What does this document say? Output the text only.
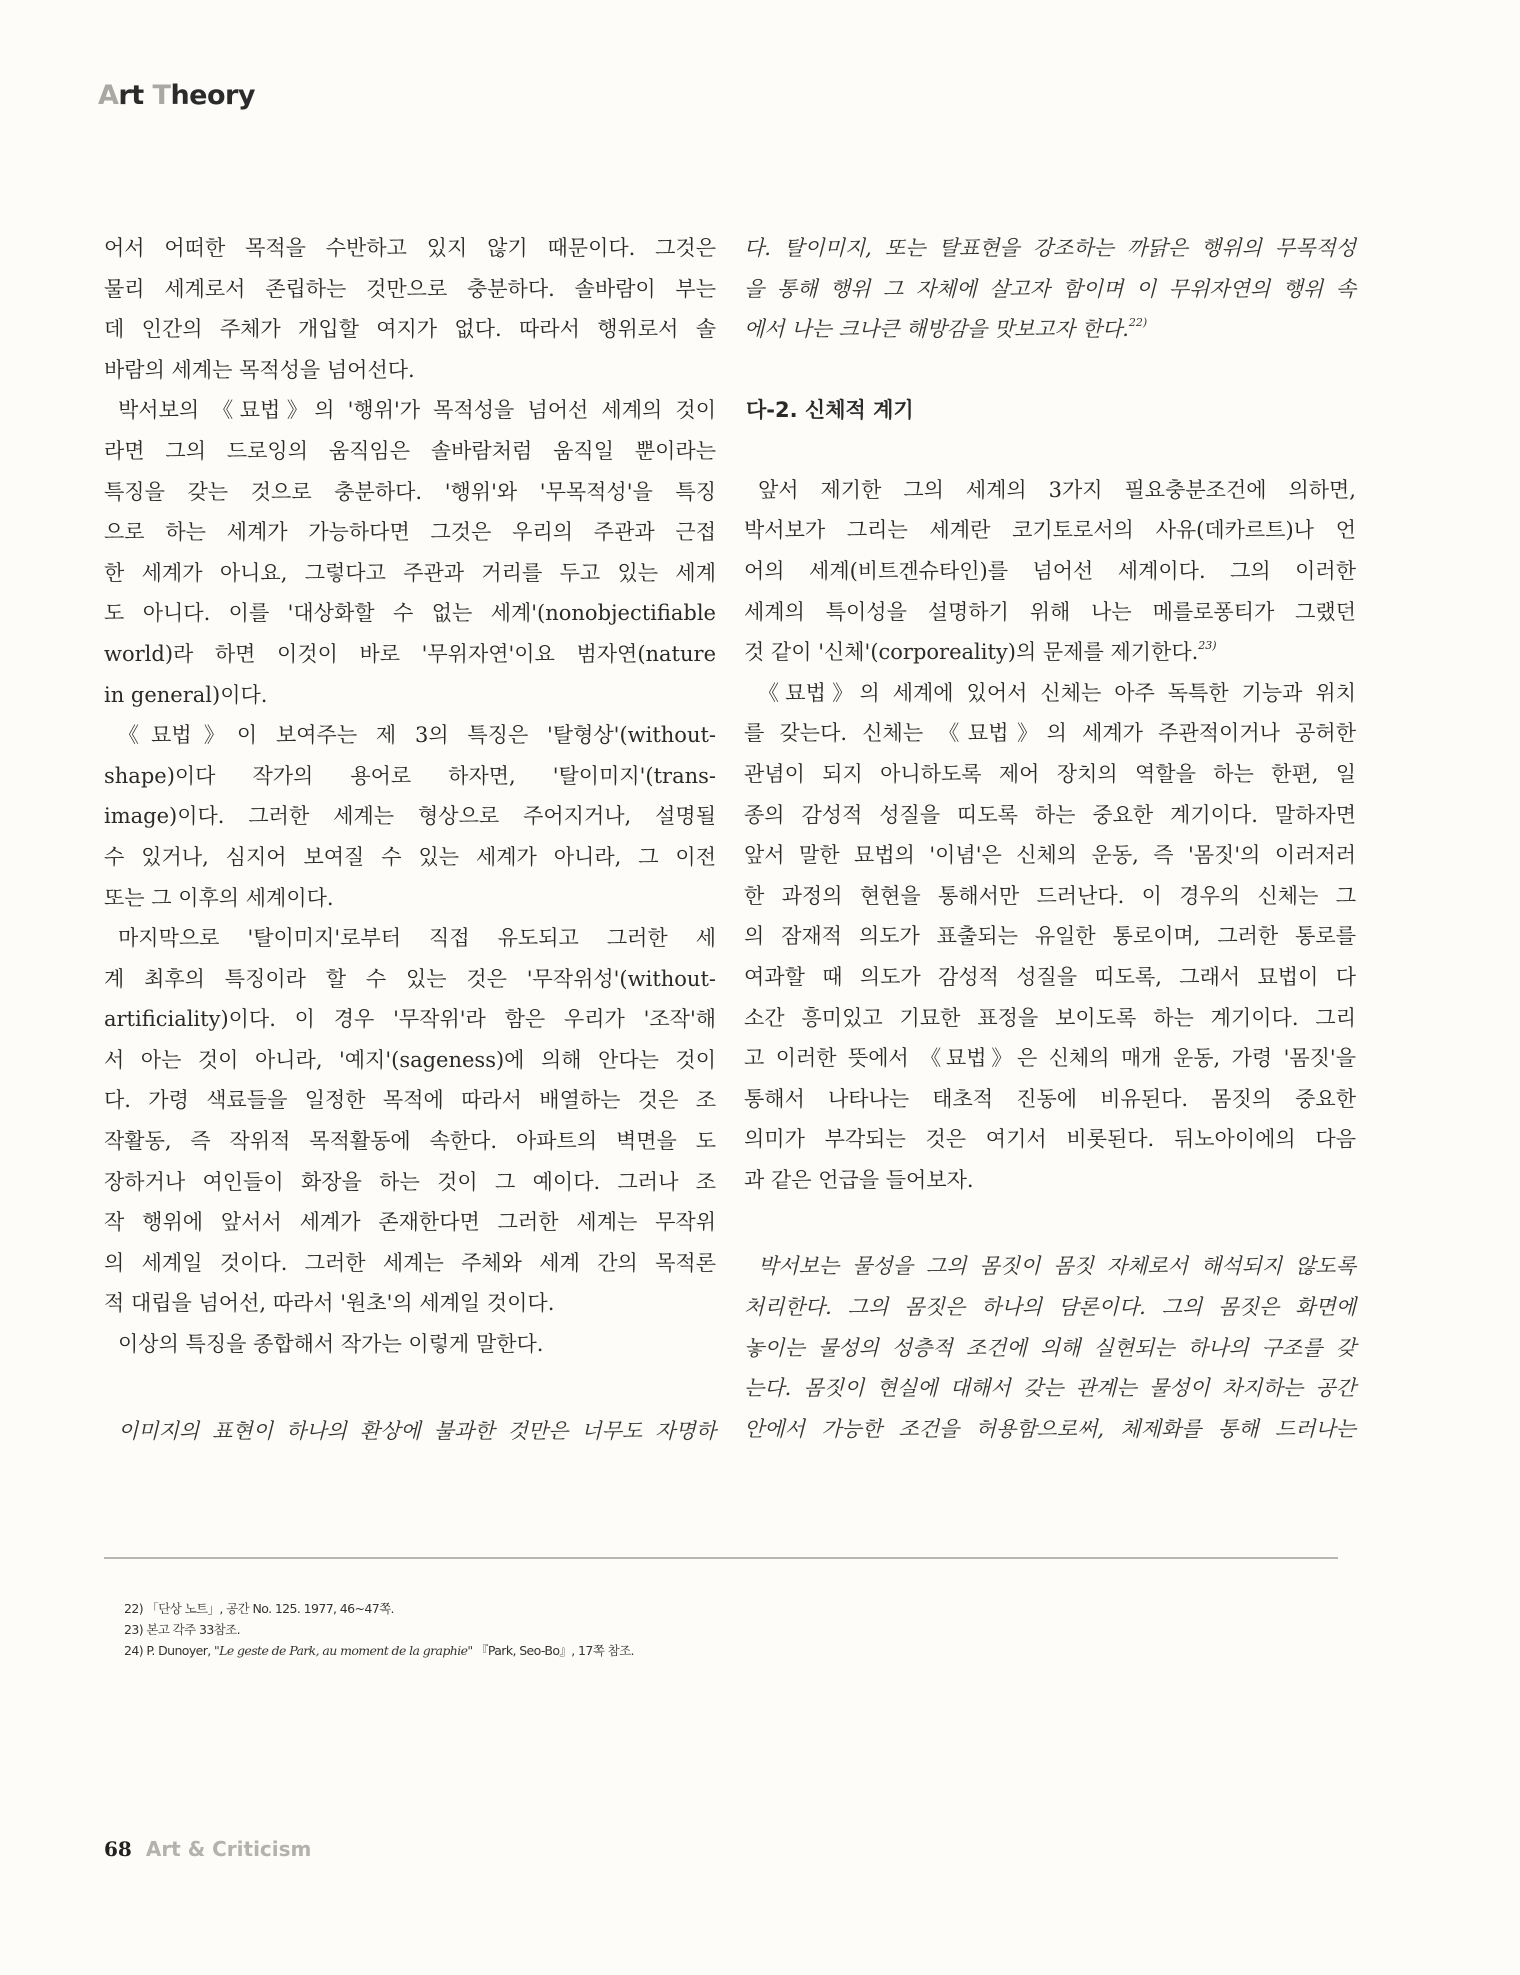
Art Theory
어서 어떠한 목적을 수반하고 있지 않기 때문이다. 그것은
물리 세계로서 존립하는 것만으로 충분하다. 솔바람이 부는
데 인간의 주체가 개입할 여지가 없다. 따라서 행위로서 솔
바람의 세계는 목적성을 넘어선다.
박서보의 《묘법》의 '행위'가 목적성을 넘어선 세계의 것이
라면 그의 드로잉의 움직임은 솔바람처럼 움직일 뿐이라는
특징을 갖는 것으로 충분하다. '행위'와 '무목적성'을 특징
으로 하는 세계가 가능하다면 그것은 우리의 주관과 근접
한 세계가 아니요, 그렇다고 주관과 거리를 두고 있는 세계
도 아니다. 이를 '대상화할 수 없는 세계'(nonobjectifiable
world)라 하면 이것이 바로 '무위자연'이요 범자연(nature
in general)이다.
《묘법》이 보여주는 제 3의 특징은 '탈형상'(without-
shape)이다 작가의 용어로 하자면, '탈이미지'(trans-
image)이다. 그러한 세계는 형상으로 주어지거나, 설명될
수 있거나, 심지어 보여질 수 있는 세계가 아니라, 그 이전
또는 그 이후의 세계이다.
마지막으로 '탈이미지'로부터 직접 유도되고 그러한 세
계 최후의 특징이라 할 수 있는 것은 '무작위성'(without-
artificiality)이다. 이 경우 '무작위'라 함은 우리가 '조작'해
서 아는 것이 아니라, '예지'(sageness)에 의해 안다는 것이
다. 가령 색료들을 일정한 목적에 따라서 배열하는 것은 조
작활동, 즉 작위적 목적활동에 속한다. 아파트의 벽면을 도
장하거나 여인들이 화장을 하는 것이 그 예이다. 그러나 조
작 행위에 앞서서 세계가 존재한다면 그러한 세계는 무작위
의 세계일 것이다. 그러한 세계는 주체와 세계 간의 목적론
적 대립을 넘어선, 따라서 '원초'의 세계일 것이다.
이상의 특징을 종합해서 작가는 이렇게 말한다.
이미지의 표현이 하나의 환상에 불과한 것만은 너무도 자명하
다. 탈이미지, 또는 탈표현을 강조하는 까닭은 행위의 무목적성
을 통해 행위 그 자체에 살고자 함이며 이 무위자연의 행위 속
에서 나는 크나큰 해방감을 맛보고자 한다.$^{22)}$
다-2. 신체적 계기
앞서 제기한 그의 세계의 3가지 필요충분조건에 의하면,
박서보가 그리는 세계란 코기토로서의 사유(데카르트)나 언
어의 세계(비트겐슈타인)를 넘어선 세계이다. 그의 이러한
세계의 특이성을 설명하기 위해 나는 메를로퐁티가 그랬던
것 같이 '신체'(corporeality)의 문제를 제기한다.$^{23)}$
《묘법》의 세계에 있어서 신체는 아주 독특한 기능과 위치
를 갖는다. 신체는 《묘법》의 세계가 주관적이거나 공허한
관념이 되지 아니하도록 제어 장치의 역할을 하는 한편, 일
종의 감성적 성질을 띠도록 하는 중요한 계기이다. 말하자면
앞서 말한 묘법의 '이념'은 신체의 운동, 즉 '몸짓'의 이러저러
한 과정의 현현을 통해서만 드러난다. 이 경우의 신체는 그
의 잠재적 의도가 표출되는 유일한 통로이며, 그러한 통로를
여과할 때 의도가 감성적 성질을 띠도록, 그래서 묘법이 다
소간 흥미있고 기묘한 표정을 보이도록 하는 계기이다. 그리
고 이러한 뜻에서 《묘법》은 신체의 매개 운동, 가령 '몸짓'을
통해서 나타나는 태초적 진동에 비유된다. 몸짓의 중요한
의미가 부각되는 것은 여기서 비롯된다. 뒤노아이에의 다음
과 같은 언급을 들어보자.
박서보는 물성을 그의 몸짓이 몸짓 자체로서 해석되지 않도록
처리한다. 그의 몸짓은 하나의 담론이다. 그의 몸짓은 화면에
놓이는 물성의 성층적 조건에 의해 실현되는 하나의 구조를 갖
는다. 몸짓이 현실에 대해서 갖는 관계는 물성이 차지하는 공간
안에서 가능한 조건을 허용함으로써, 체제화를 통해 드러나는
22) 「단상 노트」, 공간 No. 125. 1977, 46~47쪽.
23) 본고 각주 33참조.
24) P. Dunoyer, "Le geste de Park, au moment de la graphie" 『Park, Seo-Bo』, 17쪽 참조.
68 Art & Criticism
